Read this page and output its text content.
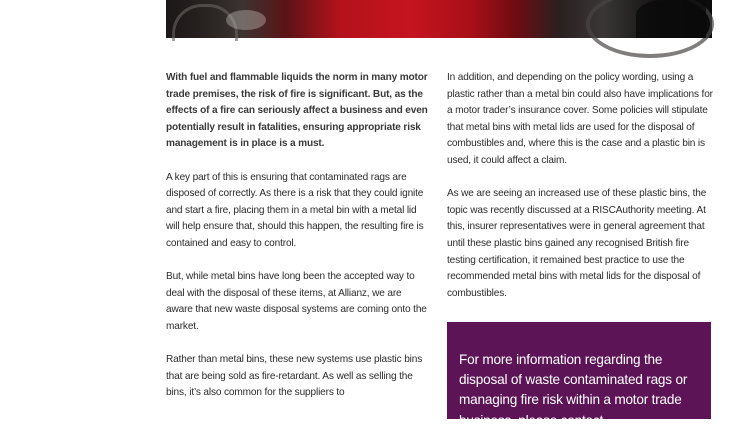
With fuel and flammable liquids the norm in many motor trade premises, the risk of fire is significant. But, as the effects of a fire can seriously affect a business and even potentially result in fatalities, ensuring appropriate risk management is in place is a must.

A key part of this is ensuring that contaminated rags are disposed of correctly. As there is a risk that they could ignite and start a fire, placing them in a metal bin with a metal lid will help ensure that, should this happen, the resulting fire is contained and easy to control.

But, while metal bins have long been the accepted way to deal with the disposal of these items, at Allianz, we are aware that new waste disposal systems are coming onto the market.

Rather than metal bins, these new systems use plastic bins that are being sold as fire-retardant. As well as selling the bins, it’s also common for the suppliers to

In addition, and depending on the policy wording, using a plastic rather than a metal bin could also have implications for a motor trader’s insurance cover. Some policies will stipulate that metal bins with metal lids are used for the disposal of combustibles and, where this is the case and a plastic bin is used, it could affect a claim.

As we are seeing an increased use of these plastic bins, the topic was recently discussed at a RISCAuthority meeting. At this, insurer representatives were in general agreement that until these plastic bins gained any recognised British fire testing certification, it remained best practice to use the recommended metal bins with metal lids for the disposal of combustibles.

For more information regarding the disposal of waste contaminated rags or managing fire risk within a motor trade business, please contact
